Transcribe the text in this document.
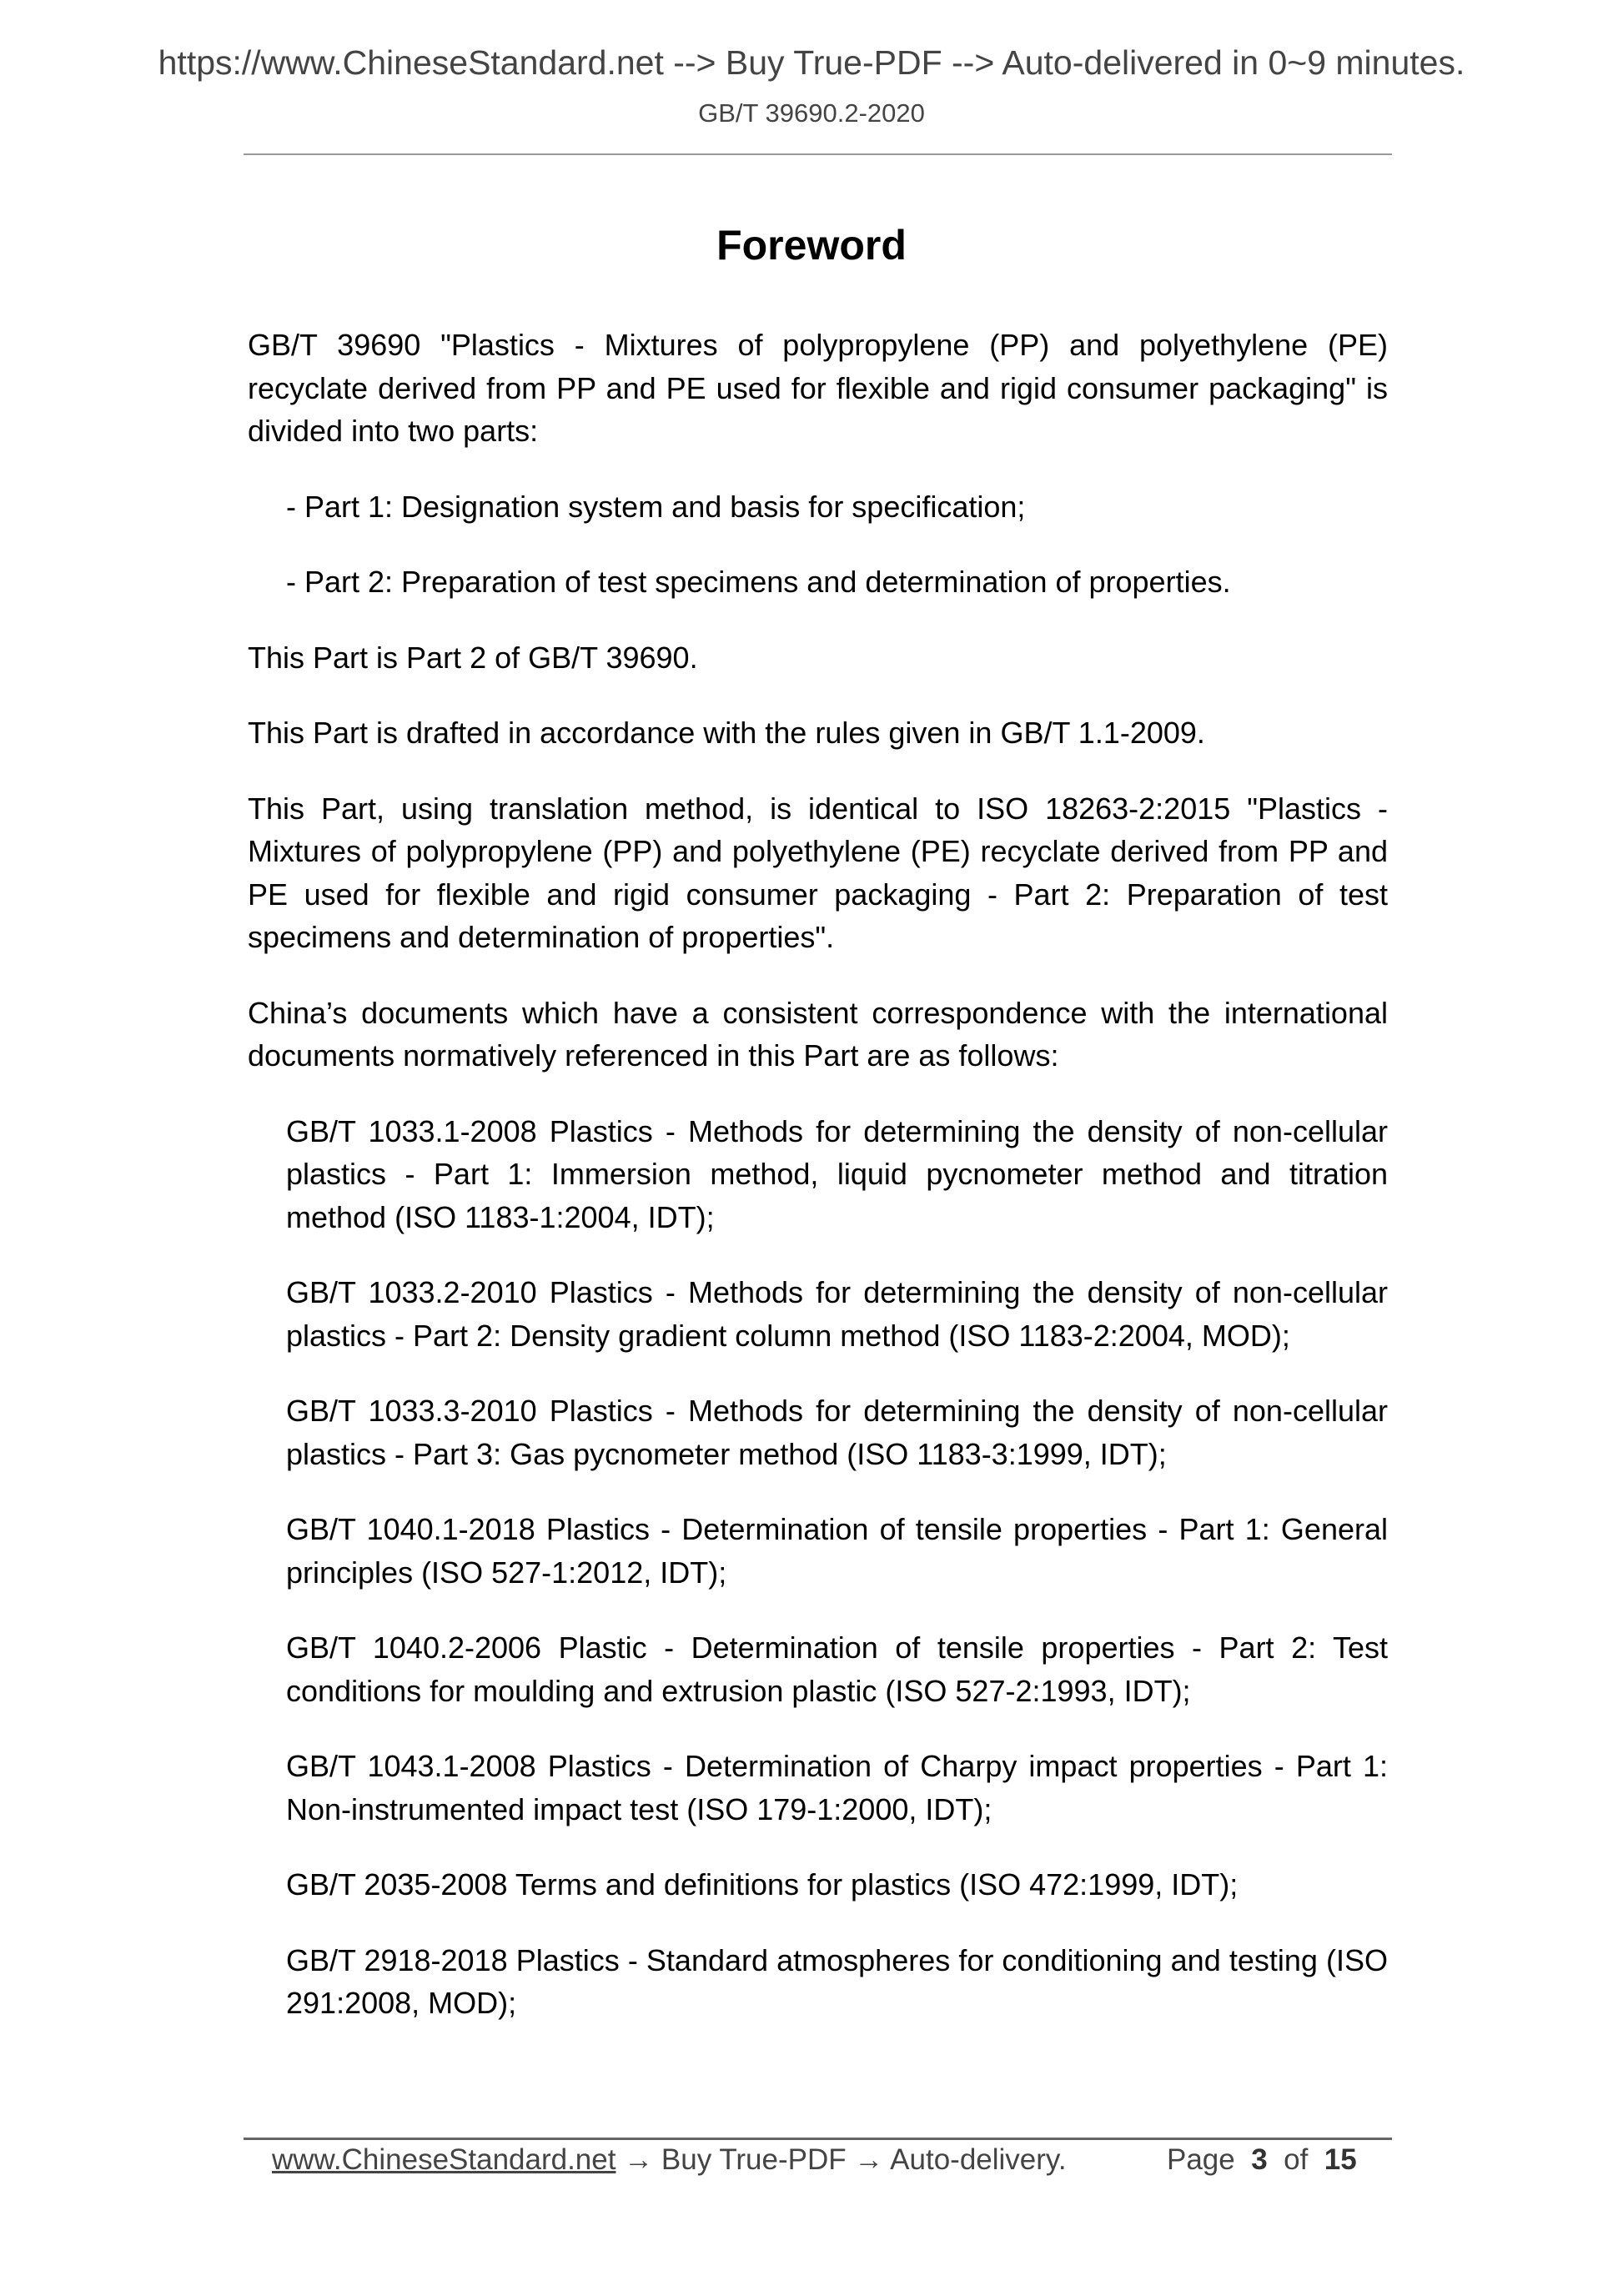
https://www.ChineseStandard.net --> Buy True-PDF --> Auto-delivered in 0~9 minutes.
GB/T 39690.2-2020
Foreword

GB/T 39690 "Plastics - Mixtures of polypropylene (PP) and polyethylene (PE) recyclate derived from PP and PE used for flexible and rigid consumer packaging" is divided into two parts:

- Part 1: Designation system and basis for specification;

- Part 2: Preparation of test specimens and determination of properties.

This Part is Part 2 of GB/T 39690.

This Part is drafted in accordance with the rules given in GB/T 1.1-2009.

This Part, using translation method, is identical to ISO 18263-2:2015 "Plastics - Mixtures of polypropylene (PP) and polyethylene (PE) recyclate derived from PP and PE used for flexible and rigid consumer packaging - Part 2: Preparation of test specimens and determination of properties".

China’s documents which have a consistent correspondence with the international documents normatively referenced in this Part are as follows:

GB/T 1033.1-2008 Plastics - Methods for determining the density of non-cellular plastics - Part 1: Immersion method, liquid pycnometer method and titration method (ISO 1183-1:2004, IDT);

GB/T 1033.2-2010 Plastics - Methods for determining the density of non-cellular plastics - Part 2: Density gradient column method (ISO 1183-2:2004, MOD);

GB/T 1033.3-2010 Plastics - Methods for determining the density of non-cellular plastics - Part 3: Gas pycnometer method (ISO 1183-3:1999, IDT);

GB/T 1040.1-2018 Plastics - Determination of tensile properties - Part 1: General principles (ISO 527-1:2012, IDT);

GB/T 1040.2-2006 Plastic - Determination of tensile properties - Part 2: Test conditions for moulding and extrusion plastic (ISO 527-2:1993, IDT);

GB/T 1043.1-2008 Plastics - Determination of Charpy impact properties - Part 1: Non-instrumented impact test (ISO 179-1:2000, IDT);

GB/T 2035-2008 Terms and definitions for plastics (ISO 472:1999, IDT);

GB/T 2918-2018 Plastics - Standard atmospheres for conditioning and testing (ISO 291:2008, MOD);

www.ChineseStandard.net → Buy True-PDF → Auto-delivery.	Page 3 of 15
